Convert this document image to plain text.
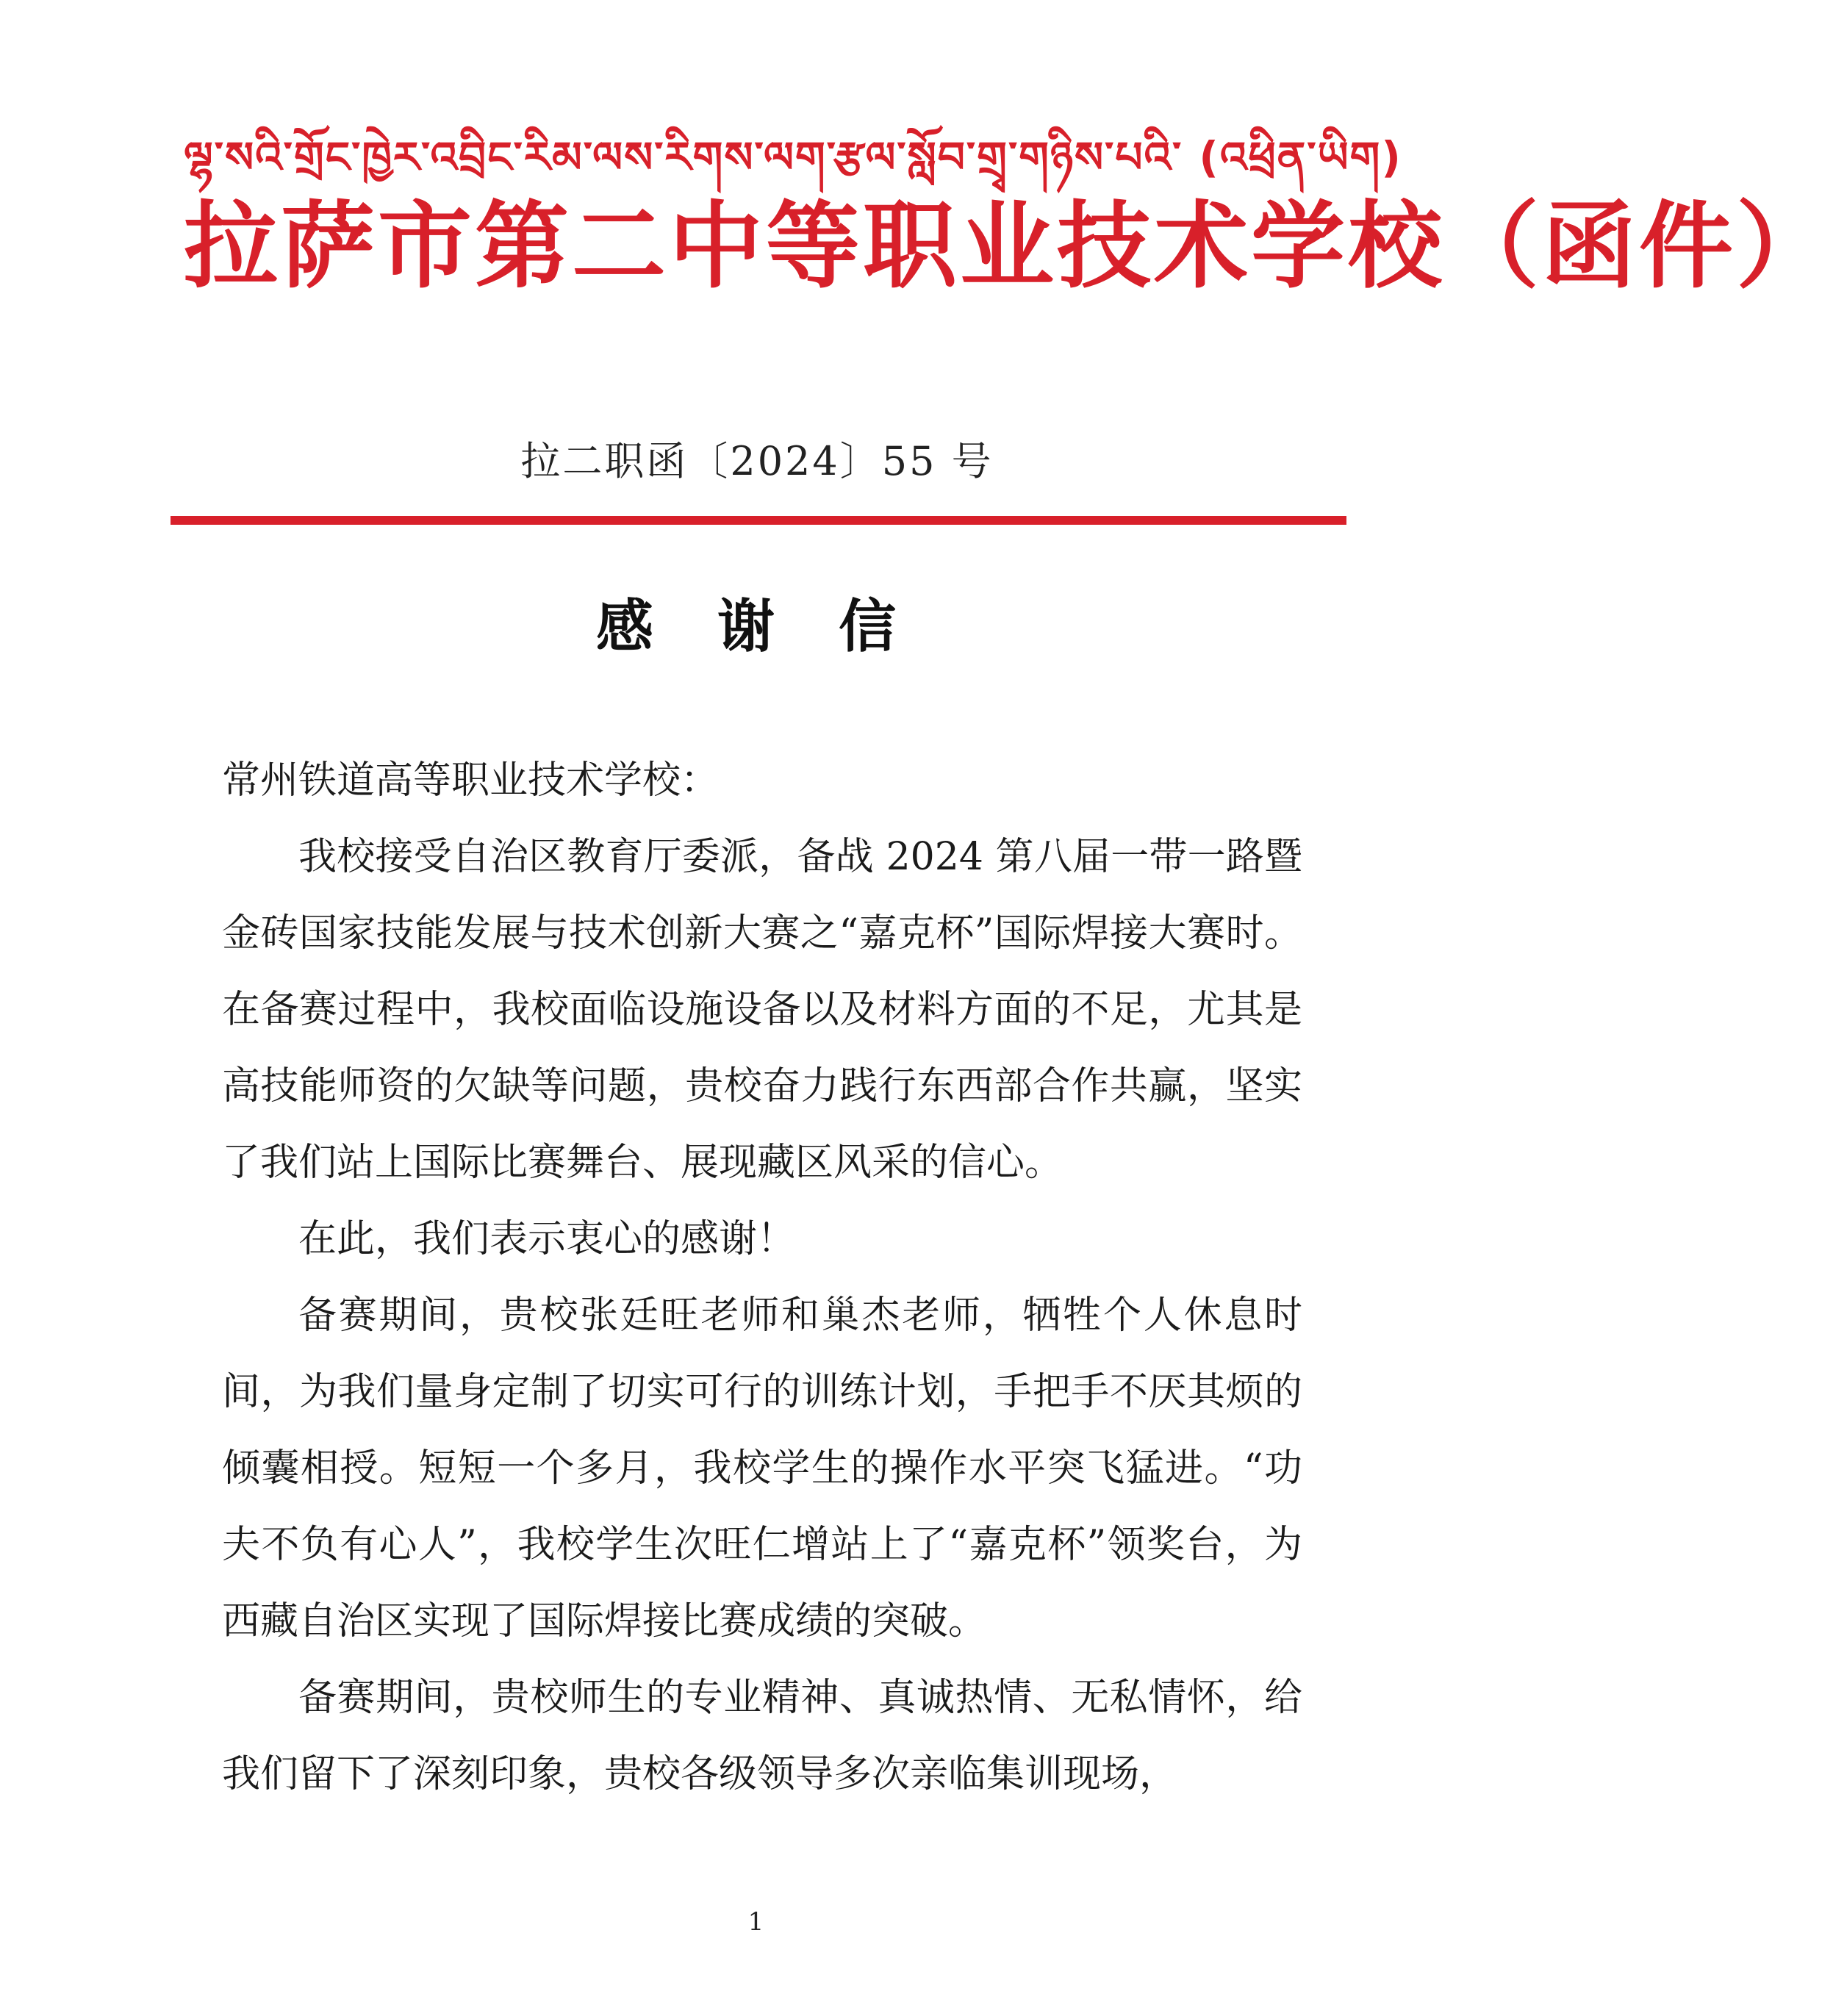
ལྷ་སའི་གྲོང་ཁྱེར་འབྲིང་རིམ་ལས་རིགས་ལག་རྩལ་སློབ་གྲྭ་གཉིས་པའི་ (འཕྲིན་ཡིག)
拉萨市第二中等职业技术学校（函件）
拉二职函〔2024〕55 号
感 谢 信

常州铁道高等职业技术学校：

我校接受自治区教育厅委派，备战 2024 第八届一带一路暨金砖国家技能发展与技术创新大赛之“嘉克杯”国际焊接大赛时。在备赛过程中，我校面临设施设备以及材料方面的不足，尤其是高技能师资的欠缺等问题，贵校奋力践行东西部合作共赢，坚实了我们站上国际比赛舞台、展现藏区风采的信心。

在此，我们表示衷心的感谢！

备赛期间，贵校张廷旺老师和巢杰老师，牺牲个人休息时间，为我们量身定制了切实可行的训练计划，手把手不厌其烦的倾囊相授。短短一个多月，我校学生的操作水平突飞猛进。“功夫不负有心人”，我校学生次旺仁增站上了“嘉克杯”领奖台，为西藏自治区实现了国际焊接比赛成绩的突破。

备赛期间，贵校师生的专业精神、真诚热情、无私情怀，给我们留下了深刻印象，贵校各级领导多次亲临集训现场，

1
